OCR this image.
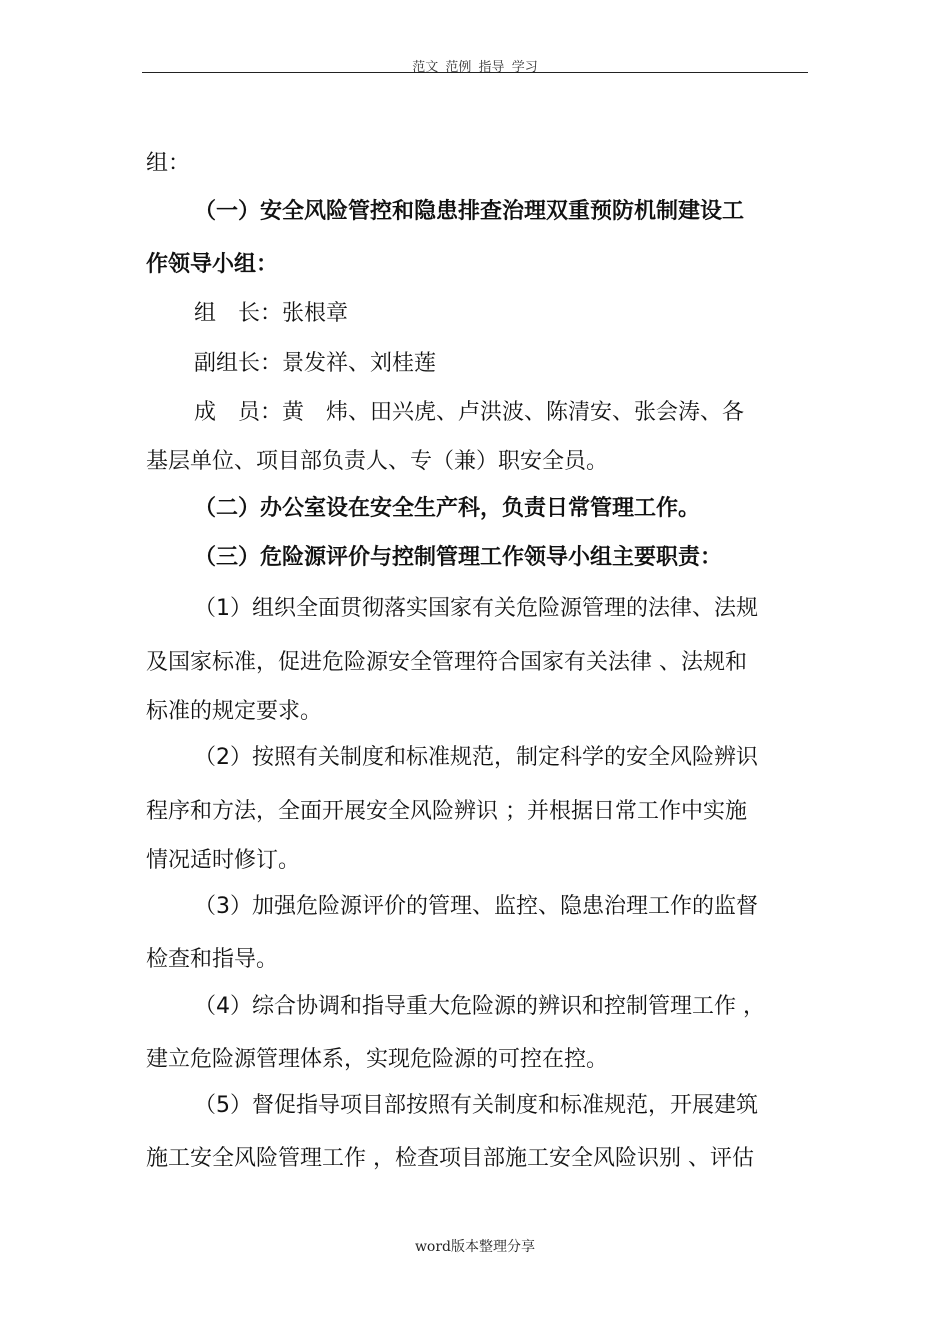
范文 范例 指导 学习
组：
（一）安全风险管控和隐患排查治理双重预防机制建设工
作领导小组：
组　长：张根章
副组长：景发祥、刘桂莲
成　员：黄　炜、田兴虎、卢洪波、陈清安、张会涛、各
基层单位、项目部负责人、专（兼）职安全员。
（二）办公室设在安全生产科，负责日常管理工作。
（三）危险源评价与控制管理工作领导小组主要职责：
（1）组织全面贯彻落实国家有关危险源管理的法律、法规
及国家标准，促进危险源安全管理符合国家有关法律 、法规和
标准的规定要求。
（2）按照有关制度和标准规范，制定科学的安全风险辨识
程序和方法，全面开展安全风险辨识 ；并根据日常工作中实施
情况适时修订。
（3）加强危险源评价的管理、监控、隐患治理工作的监督
检查和指导。
（4）综合协调和指导重大危险源的辨识和控制管理工作 ，
建立危险源管理体系，实现危险源的可控在控。
（5）督促指导项目部按照有关制度和标准规范，开展建筑
施工安全风险管理工作 ，检查项目部施工安全风险识别 、评估
word版本整理分享
